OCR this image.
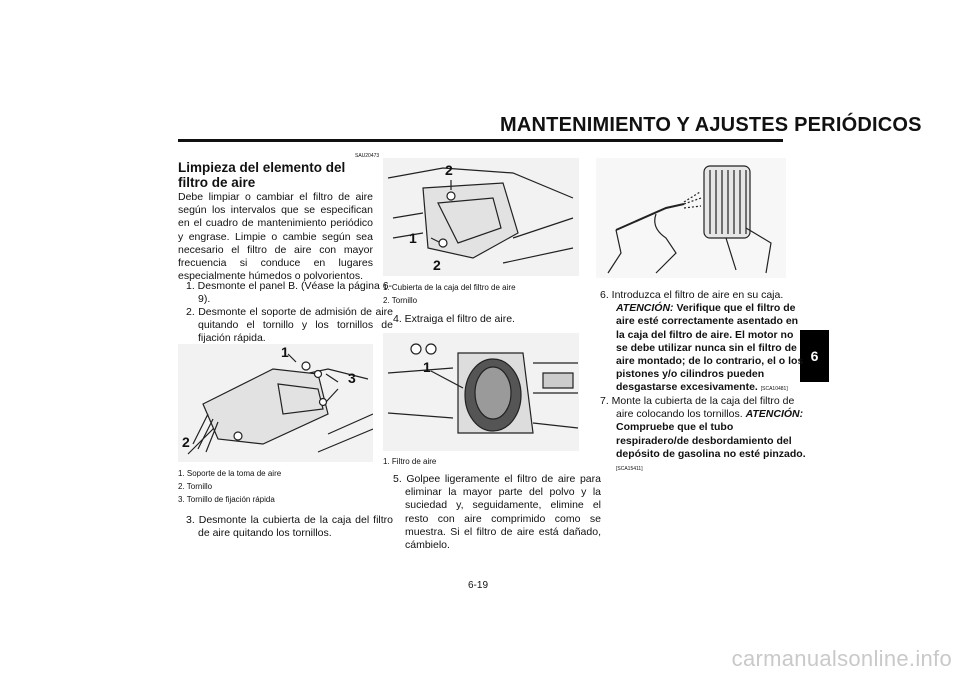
MANTENIMIENTO Y AJUSTES PERIÓDICOS
6
SAU20473
Limpieza del elemento del filtro de aire
Debe limpiar o cambiar el filtro de aire según los intervalos que se especifican en el cuadro de mantenimiento periódico y engrase. Limpie o cambie según sea necesario el filtro de aire con mayor frecuencia si conduce en lugares especialmente húmedos o polvorientos.
1. Desmonte el panel B. (Véase la página 6-9).
2. Desmonte el soporte de admisión de aire quitando el tornillo y los tornillos de fijación rápida.
1
2
3
1. Soporte de la toma de aire
2. Tornillo
3. Tornillo de fijación rápida
3. Desmonte la cubierta de la caja del filtro de aire quitando los tornillos.
2
1
2
1. Cubierta de la caja del filtro de aire
2. Tornillo
4. Extraiga el filtro de aire.
1
1. Filtro de aire
5. Golpee ligeramente el filtro de aire para eliminar la mayor parte del polvo y la suciedad y, seguidamente, elimine el resto con aire comprimido como se muestra. Si el filtro de aire está dañado, cámbielo.
6. Introduzca el filtro de aire en su caja. ATENCIÓN: Verifique que el filtro de aire esté correctamente asentado en la caja del filtro de aire. El motor no se debe utilizar nunca sin el filtro de aire montado; de lo contrario, el o los pistones y/o cilindros pueden desgastarse excesivamente. [SCA10481]
7. Monte la cubierta de la caja del filtro de aire colocando los tornillos. ATENCIÓN: Compruebe que el tubo respiradero/de desbordamiento del depósito de gasolina no esté pinzado. [SCA15411]
6-19
carmanualsonline.info
